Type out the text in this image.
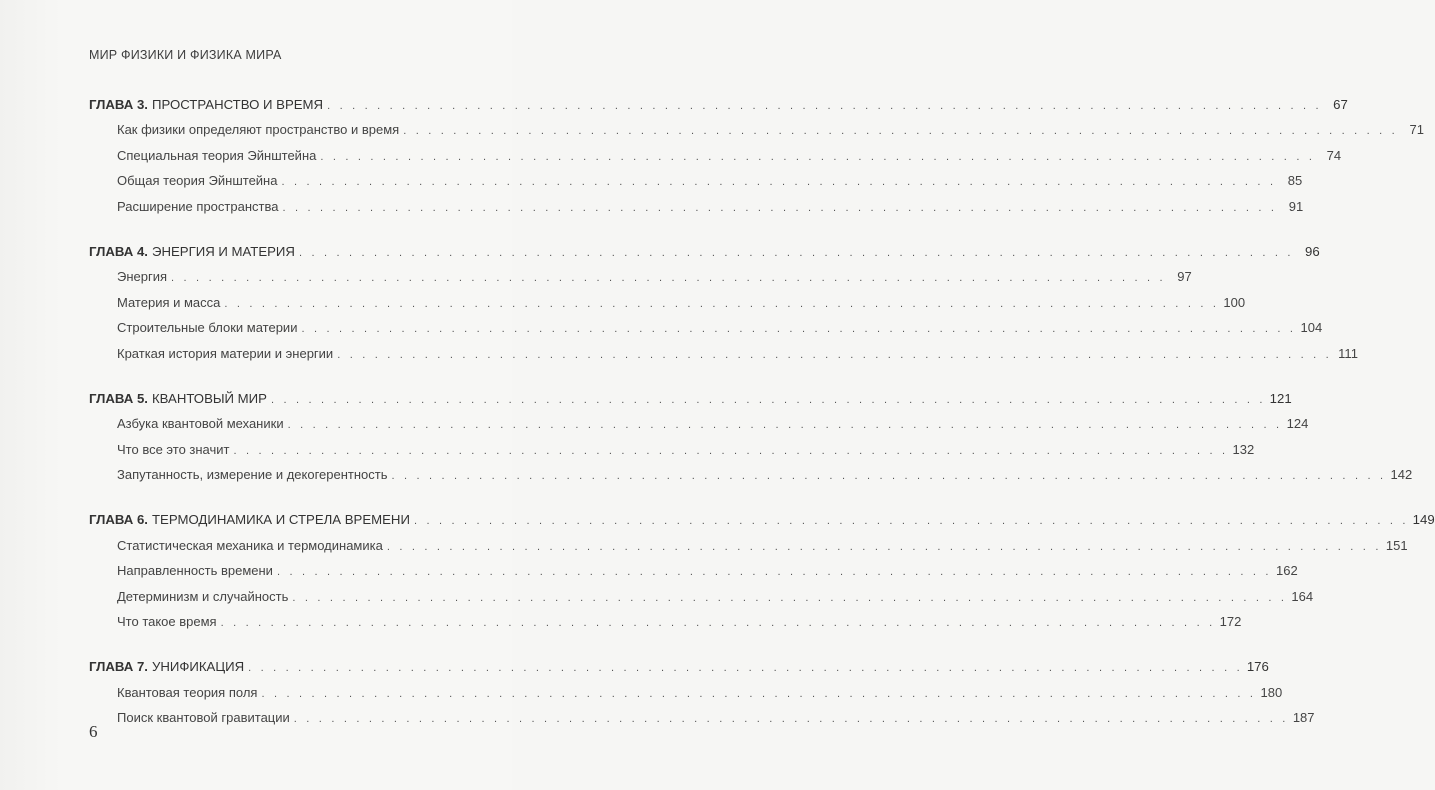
МИР ФИЗИКИ И ФИЗИКА МИРА
ГЛАВА 3. ПРОСТРАНСТВО И ВРЕМЯ . . . . . . . . . . . . . . . . . . . . . . . . . . . . . . . . . . . . . . . . . . . . . . . . . . . . . . . . . . . . . . . . . . . . . . . . . . . . . . . . 67
Как физики определяют пространство и время . . . . . . . . . . . . . . . . . . . . . . . . . . . . . . . . . . . . . . . . . . . . . . . . . . . . . . . . . . . . . . . . . . . . . . . . . . . . . . . . 71
Специальная теория Эйнштейна . . . . . . . . . . . . . . . . . . . . . . . . . . . . . . . . . . . . . . . . . . . . . . . . . . . . . . . . . . . . . . . . . . . . . . . . . . . . . . . . 74
Общая теория Эйнштейна . . . . . . . . . . . . . . . . . . . . . . . . . . . . . . . . . . . . . . . . . . . . . . . . . . . . . . . . . . . . . . . . . . . . . . . . . . . . . . . . 85
Расширение пространства . . . . . . . . . . . . . . . . . . . . . . . . . . . . . . . . . . . . . . . . . . . . . . . . . . . . . . . . . . . . . . . . . . . . . . . . . . . . . . . . 91
ГЛАВА 4. ЭНЕРГИЯ И МАТЕРИЯ . . . . . . . . . . . . . . . . . . . . . . . . . . . . . . . . . . . . . . . . . . . . . . . . . . . . . . . . . . . . . . . . . . . . . . . . . . . . . . . . 96
Энергия . . . . . . . . . . . . . . . . . . . . . . . . . . . . . . . . . . . . . . . . . . . . . . . . . . . . . . . . . . . . . . . . . . . . . . . . . . . . . . . . 97
Материя и масса . . . . . . . . . . . . . . . . . . . . . . . . . . . . . . . . . . . . . . . . . . . . . . . . . . . . . . . . . . . . . . . . . . . . . . . . . . . . . . . . 100
Строительные блоки материи . . . . . . . . . . . . . . . . . . . . . . . . . . . . . . . . . . . . . . . . . . . . . . . . . . . . . . . . . . . . . . . . . . . . . . . . . . . . . . . . 104
Краткая история материи и энергии . . . . . . . . . . . . . . . . . . . . . . . . . . . . . . . . . . . . . . . . . . . . . . . . . . . . . . . . . . . . . . . . . . . . . . . . . . . . . . . . 111
ГЛАВА 5. КВАНТОВЫЙ МИР . . . . . . . . . . . . . . . . . . . . . . . . . . . . . . . . . . . . . . . . . . . . . . . . . . . . . . . . . . . . . . . . . . . . . . . . . . . . . . . . 121
Азбука квантовой механики . . . . . . . . . . . . . . . . . . . . . . . . . . . . . . . . . . . . . . . . . . . . . . . . . . . . . . . . . . . . . . . . . . . . . . . . . . . . . . . . 124
Что все это значит . . . . . . . . . . . . . . . . . . . . . . . . . . . . . . . . . . . . . . . . . . . . . . . . . . . . . . . . . . . . . . . . . . . . . . . . . . . . . . . . 132
Запутанность, измерение и декогерентность . . . . . . . . . . . . . . . . . . . . . . . . . . . . . . . . . . . . . . . . . . . . . . . . . . . . . . . . . . . . . . . . . . . . . . . . . . . . . . . . 142
ГЛАВА 6. ТЕРМОДИНАМИКА И СТРЕЛА ВРЕМЕНИ . . . . . . . . . . . . . . . . . . . . . . . . . . . . . . . . . . . . . . . . . . . . . . . . . . . . . . . . . . . . . . . . . . . . . . . . . . . . . . . . 149
Статистическая механика и термодинамика . . . . . . . . . . . . . . . . . . . . . . . . . . . . . . . . . . . . . . . . . . . . . . . . . . . . . . . . . . . . . . . . . . . . . . . . . . . . . . . . 151
Направленность времени . . . . . . . . . . . . . . . . . . . . . . . . . . . . . . . . . . . . . . . . . . . . . . . . . . . . . . . . . . . . . . . . . . . . . . . . . . . . . . . . 162
Детерминизм и случайность . . . . . . . . . . . . . . . . . . . . . . . . . . . . . . . . . . . . . . . . . . . . . . . . . . . . . . . . . . . . . . . . . . . . . . . . . . . . . . . . 164
Что такое время . . . . . . . . . . . . . . . . . . . . . . . . . . . . . . . . . . . . . . . . . . . . . . . . . . . . . . . . . . . . . . . . . . . . . . . . . . . . . . . . 172
ГЛАВА 7. УНИФИКАЦИЯ . . . . . . . . . . . . . . . . . . . . . . . . . . . . . . . . . . . . . . . . . . . . . . . . . . . . . . . . . . . . . . . . . . . . . . . . . . . . . . . . 176
Квантовая теория поля . . . . . . . . . . . . . . . . . . . . . . . . . . . . . . . . . . . . . . . . . . . . . . . . . . . . . . . . . . . . . . . . . . . . . . . . . . . . . . . . 180
Поиск квантовой гравитации . . . . . . . . . . . . . . . . . . . . . . . . . . . . . . . . . . . . . . . . . . . . . . . . . . . . . . . . . . . . . . . . . . . . . . . . . . . . . . . . 187
6
